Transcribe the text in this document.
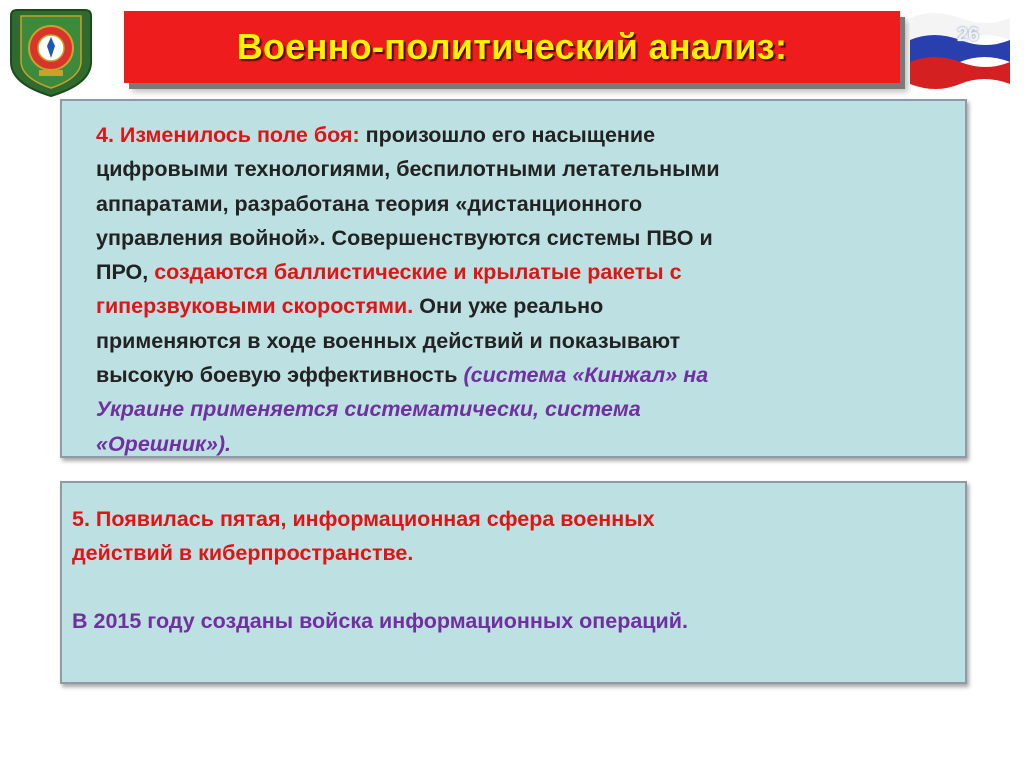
Военно-политический анализ:	26

4. Изменилось поле боя: произошло его насыщение

цифровыми технологиями, беспилотными летательными

аппаратами, разработана теория «дистанционного

управления войной». Совершенствуются системы ПВО и

ПРО, создаются баллистические и крылатые ракеты с

гиперзвуковыми скоростями. Они уже реально

применяются в ходе военных действий и показывают

высокую боевую эффективность (система «Кинжал» на

Украине применяется систематически, система

«Орешник»).

5. Появилась пятая, информационная сфера военных

действий в киберпространстве.

В 2015 году созданы войска информационных операций.
